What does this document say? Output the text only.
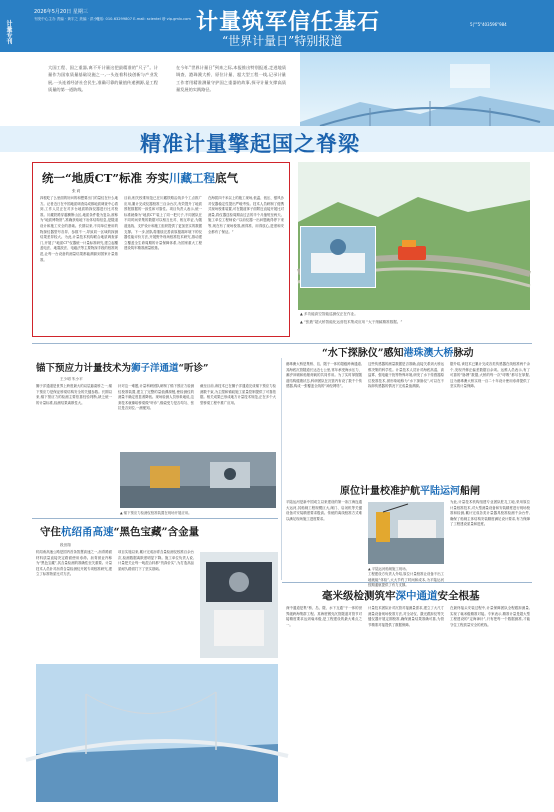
2026年5月20日 星期三
刊发中心主办 责编 · 黄宇之 美编 · 洪小宏
电话: 010-63299807 E-mail: scientel @ vip.gmlx.com
计量专刊	计量筑军信任基石
“世界计量日”特别报道
5|""5"403596"984
大国工程、国之重器,离不开计量这把最精准的“尺子”。计量作为国家质量基础设施之一,一头连着科技创新与产业发展,一头连着经济社会民生,准确可靠的量值传递溯源,是工程质量的第一道防线。
在今年“世界计量日”到来之际,本报推出特别报道,走进地质调查、港珠澳大桥、原位计量、超大型工程一线,记录计量工作者用精准测量守护国之重器的故事,探寻计量支撑高质量发展的实践路径。
精准计量擎起国之脊梁
统一“地质CT”标准 夯实川藏工程底气
张 莉
四根吃了么里面的好问的和想要出门的量仪在什么地方。记者近日在中国地质调查局成都地质调查中心看到,工作人员正在对多台地质勘探仪器进行比对校准。川藏铁路穿越横断山区,地质条件极为复杂,被称为“地质博物馆”,准确获取地下岩体结构信息,是隧道设计和施工安全的基础。长期以来,不同单位使用的物探仪器型号各异、参数不一,导致同一区域的探测结果差异较大。为此,计量技术机构联合地质调查部门,开展了“地质CT”仪器统一计量标准研究,建立起覆盖电法、地震波法、电磁法等主要物探手段的校准规范,让每一台设备的测量结果都能溯源到国家计量基准。
目前,相关校准规范已在川藏铁路沿线多个工点推广应用,累计完成仪器校准三百余台次,有效提升了地质预报数据的一致性和可靠性。项目负责人表示,统一标准就像为“地质CT”装上了同一把尺子,不同团队在不同时间采集的数据可以相互比对、相互印证,为隧道选线、支护设计和施工组织提供了更加坚实的数据支撑。下一步,团队将继续完善高原极端环境下的仪器性能评价方法,开展野外现场校准技术研究,推动建立覆盖全生命周期的计量保障体系,为国家重大工程建设筑牢精准测量根基。
在海拔四千米以上的施工现场,低温、低压、强风沙对仪器稳定性提出严峻考验。技术人员研制了便携式现场校准装置,可在隧道掌子面附近直接开展比对测量,将仪器送检周期由过去的半个月缩短至两天。施工单位工程师说:“以前仪器一出问题就得停下来等,现在有了现场校准,测得准、用得放心,进度和安全都有了保证。”
▲ 多功能高空智能巡测仪正在作业。
▲ “张掖”超大桥智能化运营技术集成应用 “大于细腻精准数据。”
“水下探脉仪”感知港珠澳大桥脉动
港珠澳大桥是集桥、岛、隧于一体的超级跨海通道,其海底沉管隧道长达近七公里,常年承受海水压力、潮汐冲刷和船舶荷载的共同作用。为了实时掌握隧道结构健康状态,科研团队在沉管内布设了数千个传感器,构成一张覆盖全线的“神经网络”。
这些传感器的测量数据是否准确,直接关系到大桥运维决策的科学性。计量技术人员针对海底高湿、高盐雾、强电磁干扰等特殊环境,研发了水下传感器原位校准技术,被形象地称为“水下探脉仪”,可以在不拆卸传感器的情况下完成量值溯源。
据介绍,该技术已累计完成各类传感器在线校准两千余个,发现并修正偏差数据百余项。运维人员表示,有了可靠的“脉搏”数据,大桥的每一次“呼吸”都尽在掌握,这为港珠澳大桥实现一百二十年设计使用寿命提供了坚实的计量保障。
锚下预应力计量技术为狮子洋通道“听诊”
王少明 朱小平
狮子洋通道是世界上跨度最大的双层悬索桥之一,锚下预应力是保证桥梁结构安全的关键参数。长期以来,锚下预应力的检测主要依靠经验判断,缺乏统一的计量标准,检测结果离散性大。
针对这一难题,计量科研团队研制了锚下预应力检测仪校准装置,建立了完整的量值溯源链,使检测仪的测量不确定度显著降低。现场检测人员形象地说,这套技术就像给桥梁做“听诊”,锚索受力是否均匀、张拉是否到位,一测便知。
截至目前,该技术已在狮子洋通道完成锚下预应力检测数千束,为主缆和锚碇施工质量控制提供了可靠依据。相关成果已形成地方计量技术规范,正在多个大型桥梁工程中推广应用。
▲ 锚下预应力检测仪校准装置在现场开展应用。
原位计量校准护航平陆运河船闸
平陆运河是新中国成立以来建设的第一条江海连通大运河,其船闸工程规模巨大,闸门、启闭机等关键设备对安装精度要求极高。传统的离线校准方式难以满足现场施工进度要求。
为此,计量技术机构组建专业团队驻扎工地,采用原位计量校准技术,对大型测量设备和安装精度进行现场校准和检测,累计完成各类计量器具校准检测千余台件,确保了船闸主体结构安装精度满足设计要求,有力保障了工程建设质量和进度。
▲ 平陆运河船闸施工现场。
工程建设方负责人介绍,原位计量校准让设备不出工地就能“体检”,大大节约了时间和成本,为平陆运河按期通航提供了有力支撑。
守住杭绍甬高速“黑色宝藏”含金量
段田翔
杭绍甬高速公路是国内首条智慧高速之一,沥青路面材料质量直接决定路面使用寿命。沥青被业内称为“黑色宝藏”,其含量检测的准确性至关重要。计量技术人员针对沥青含量检测仪开展专项校准研究,建立了标准物质比对方法。
项目实施以来,累计完成沥青含量检测仪校准百余台次,检测数据离散度明显下降。施工单位负责人说,计量把关让每一吨混合料都“货真价实”,为打造高品质耐久路面打下了坚实基础。
毫米级检测筑牢深中通道安全根基
深中通道是集“桥、岛、隧、水下互通”于一体的世界级跨海集群工程。其海底钢壳沉管隧道对管节对接精度要求达到毫米级,是工程建设的最大难点之一。
计量技术团队针对沉管对接测量需求,建立了大尺寸测量设备现场校准方法,对全站仪、激光跟踪仪等关键仪器开展定期校准,确保测量结果准确可靠,为管节精准对接提供了数据保障。
在最终接头安装过程中,计量保障团队全程跟踪测量,实现了毫米级精准对接。专家表示,精准计量是超大型工程建设的“定海神针”,只有把每一个数据测准,才能守住工程质量安全的底线。
